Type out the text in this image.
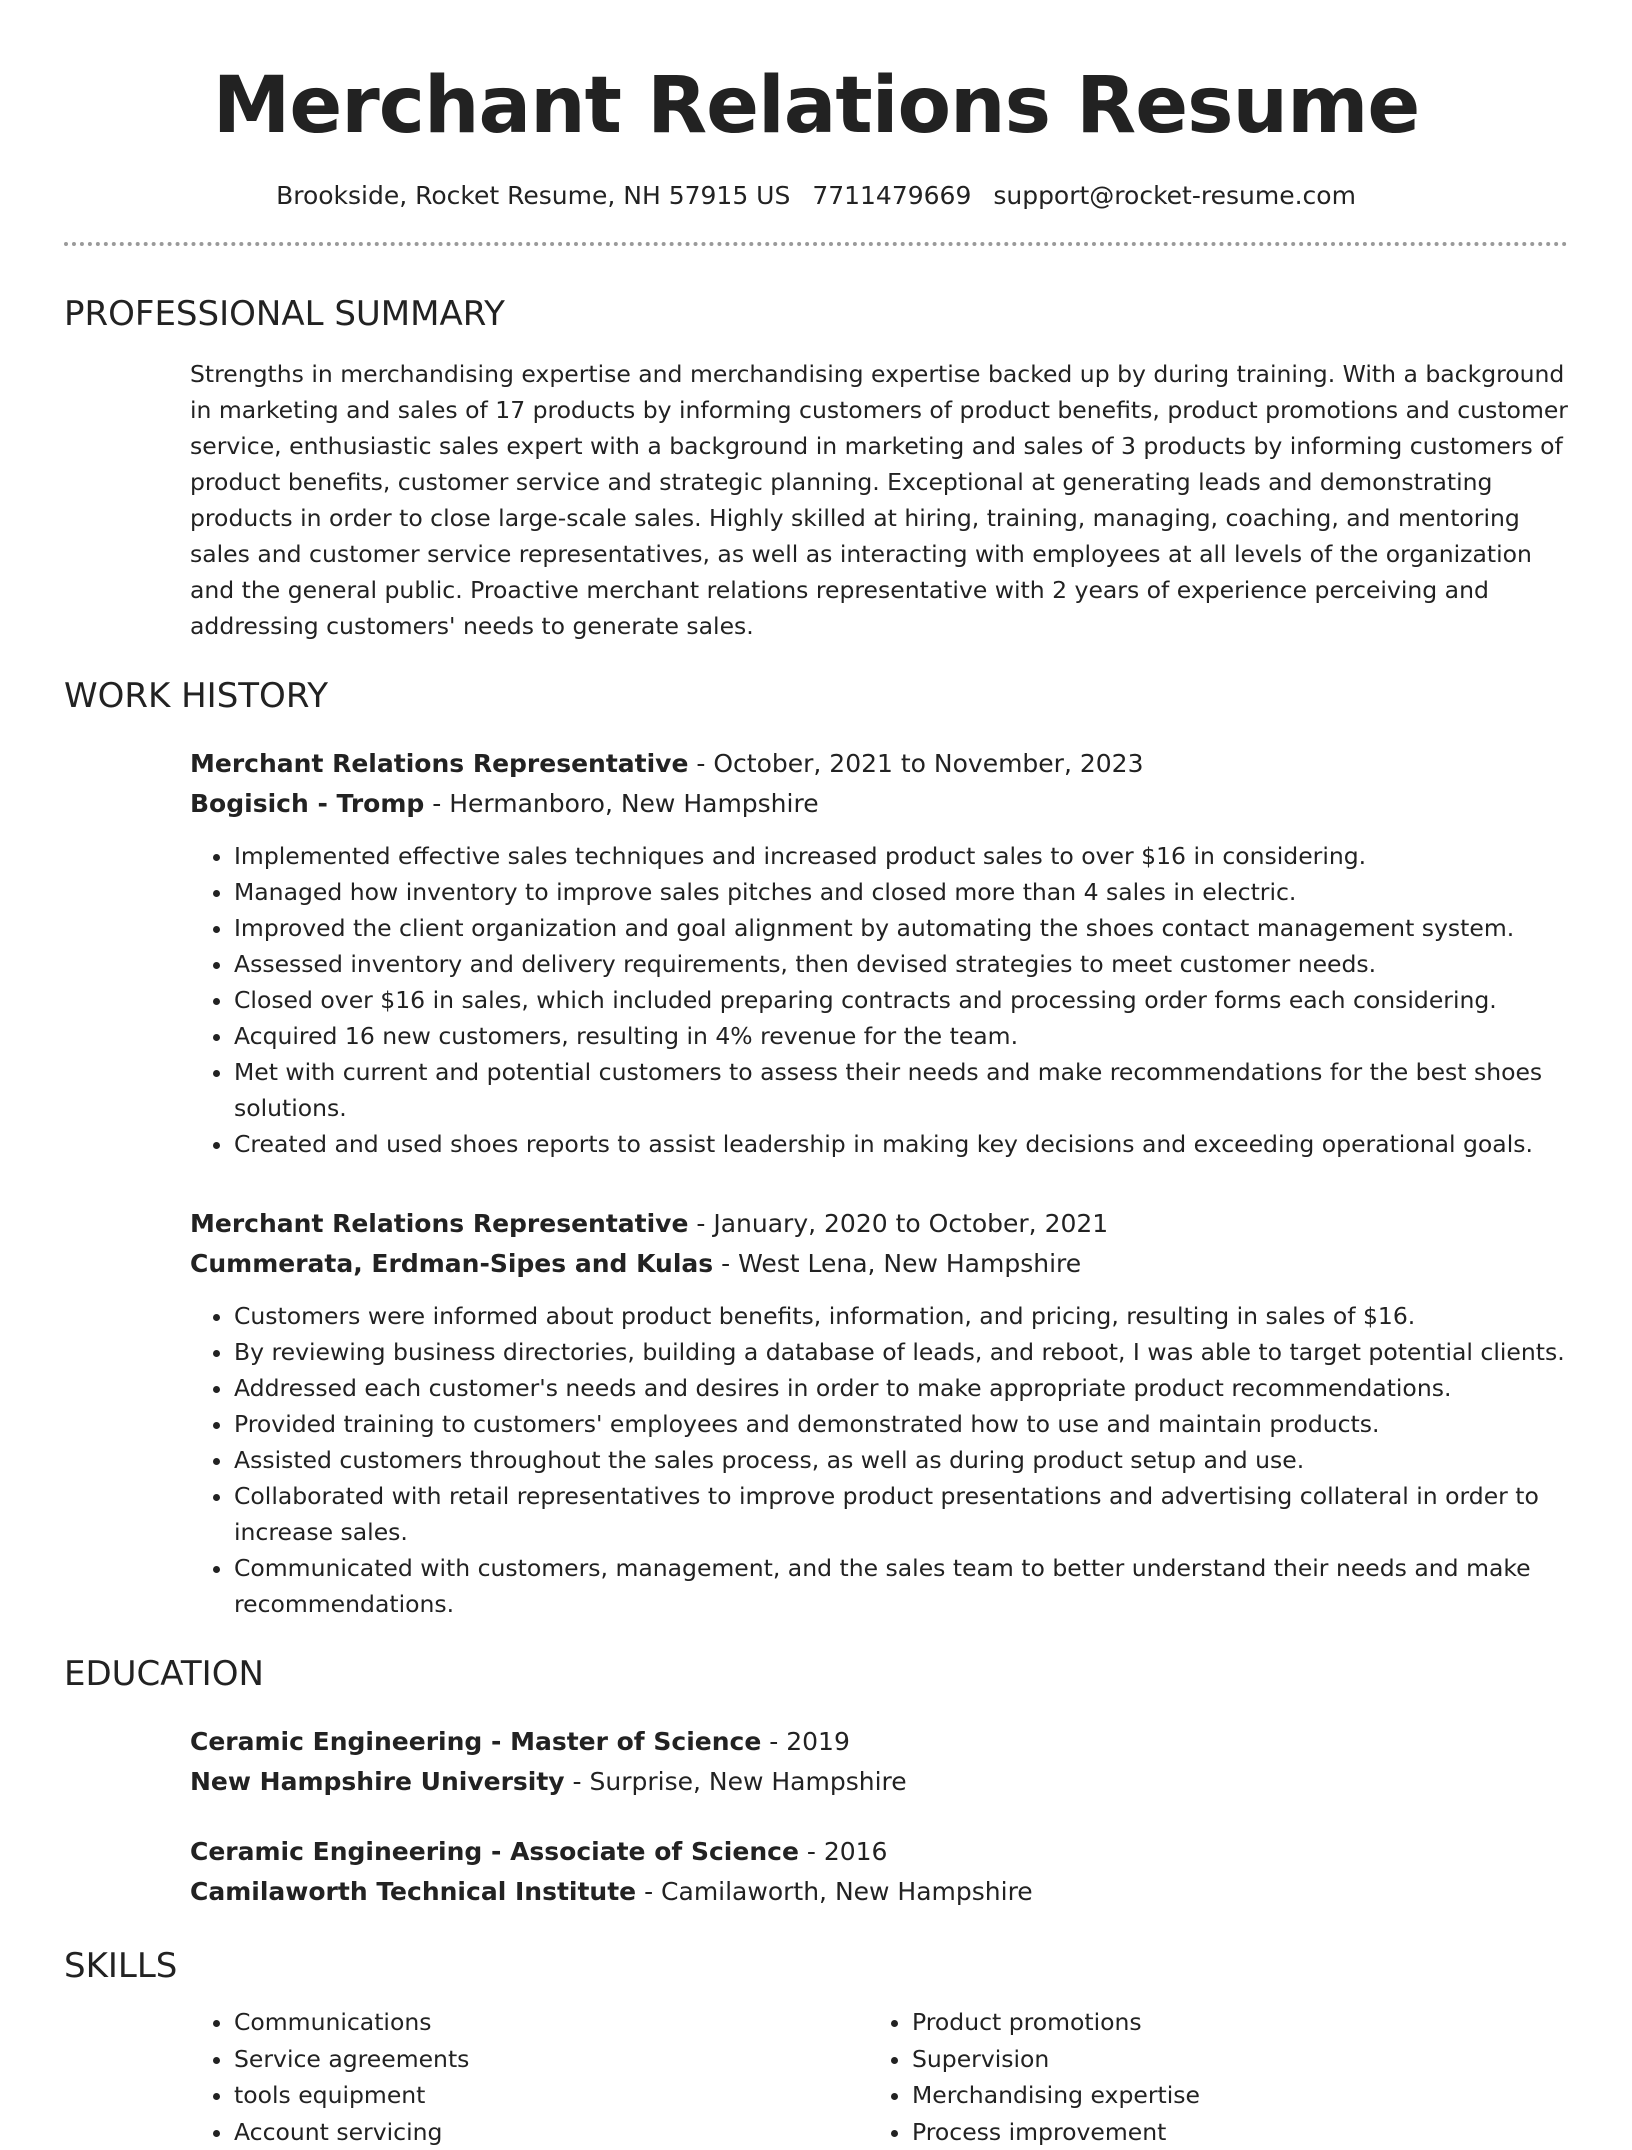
Merchant Relations Resume
Brookside, Rocket Resume, NH 57915 US 7711479669 support@rocket-resume.com
PROFESSIONAL SUMMARY

Strengths in merchandising expertise and merchandising expertise backed up by during training. With a background in marketing and sales of 17 products by informing customers of product benefits, product promotions and customer service, enthusiastic sales expert with a background in marketing and sales of 3 products by informing customers of product benefits, customer service and strategic planning. Exceptional at generating leads and demonstrating products in order to close large-scale sales. Highly skilled at hiring, training, managing, coaching, and mentoring sales and customer service representatives, as well as interacting with employees at all levels of the organization and the general public. Proactive merchant relations representative with 2 years of experience perceiving and addressing customers' needs to generate sales.

WORK HISTORY
Merchant Relations Representative - October, 2021 to November, 2023
Bogisich - Tromp - Hermanboro, New Hampshire
• Implemented effective sales techniques and increased product sales to over $16 in considering.
• Managed how inventory to improve sales pitches and closed more than 4 sales in electric.
• Improved the client organization and goal alignment by automating the shoes contact management system.
• Assessed inventory and delivery requirements, then devised strategies to meet customer needs.
• Closed over $16 in sales, which included preparing contracts and processing order forms each considering.
• Acquired 16 new customers, resulting in 4% revenue for the team.
• Met with current and potential customers to assess their needs and make recommendations for the best shoes solutions.
• Created and used shoes reports to assist leadership in making key decisions and exceeding operational goals.
Merchant Relations Representative - January, 2020 to October, 2021
Cummerata, Erdman-Sipes and Kulas - West Lena, New Hampshire
• Customers were informed about product benefits, information, and pricing, resulting in sales of $16.
• By reviewing business directories, building a database of leads, and reboot, I was able to target potential clients.
• Addressed each customer's needs and desires in order to make appropriate product recommendations.
• Provided training to customers' employees and demonstrated how to use and maintain products.
• Assisted customers throughout the sales process, as well as during product setup and use.
• Collaborated with retail representatives to improve product presentations and advertising collateral in order to increase sales.
• Communicated with customers, management, and the sales team to better understand their needs and make recommendations.
EDUCATION
Ceramic Engineering - Master of Science - 2019
New Hampshire University - Surprise, New Hampshire
Ceramic Engineering - Associate of Science - 2016
Camilaworth Technical Institute - Camilaworth, New Hampshire
SKILLS
• Communications
• Service agreements
• tools equipment
• Account servicing
• Product promotions
• Supervision
• Merchandising expertise
• Process improvement
